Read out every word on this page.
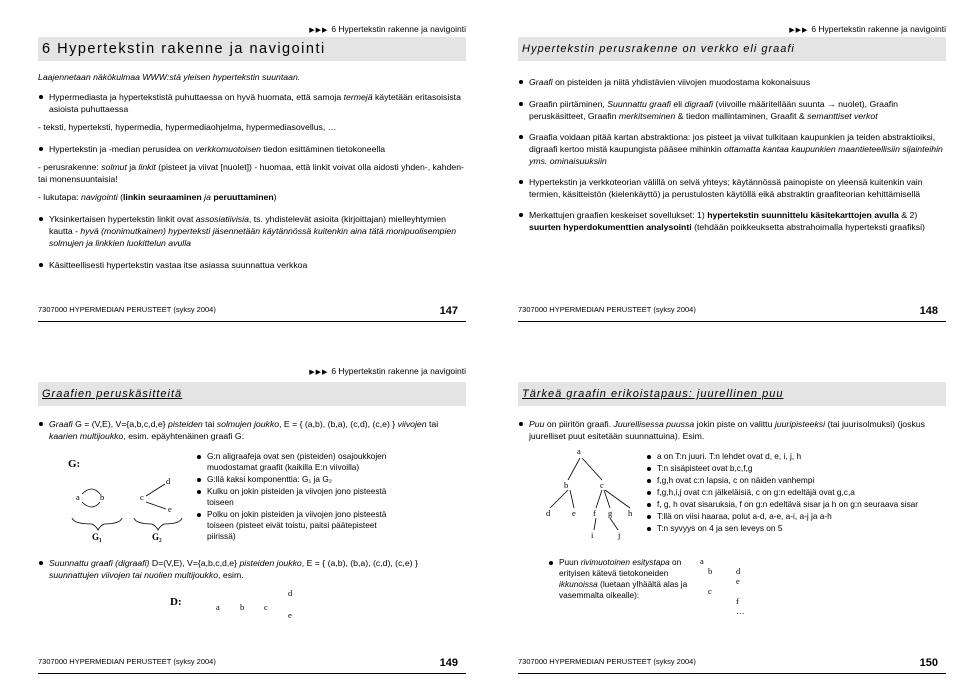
▶▶▶ 6 Hypertekstin rakenne ja navigointi
6 Hypertekstin rakenne ja navigointi
Laajennetaan näkökulmaa WWW:stä yleisen hypertekstin suuntaan.
Hypermediasta ja hypertekstistä puhuttaessa on hyvä huomata, että samoja termejä käytetään eritasoisista asioista puhuttaessa
- teksti, hyperteksti, hypermedia, hypermediaohjelma, hypermediasovellus, …
Hypertekstin ja -median perusidea on verkkomuotoisen tiedon esittäminen tietokoneella
- perusrakenne: solmut ja linkit (pisteet ja viivat [nuolet]) - huomaa, että linkit voivat olla aidosti yhden-, kahden- tai monensuuntaisia!
- lukutapa: navigointi (linkin seuraaminen ja peruuttaminen)
Yksinkertaisen hypertekstin linkit ovat assosiatiivisia, ts. yhdistelevät asioita (kirjoittajan) mielleyhtymien kautta - hyvä (monimutkainen) hyperteksti jäsennetään käytännössä kuitenkin aina tätä monipuolisempien solmujen ja linkkien luokittelun avulla
Käsitteellisesti hypertekstin vastaa itse asiassa suunnattua verkkoa
7307000 HYPERMEDIAN PERUSTEET (syksy 2004)	147
▶▶▶ 6 Hypertekstin rakenne ja navigointi
Hypertekstin perusrakenne on verkko eli graafi
Graafi on pisteiden ja niitä yhdistävien viivojen muodostama kokonaisuus
Graafin piirtäminen, Suunnattu graafi eli digraafi (viivoille määritellään suunta → nuolet), Graafin peruskäsitteet, Graafin merkitseminen & tiedon mallintaminen, Graafit & semanttiset verkot
Graafia voidaan pitää kartan abstraktiona: jos pisteet ja viivat tulkitaan kaupunkien ja teiden abstraktioiksi, digraafi kertoo mistä kaupungista pääsee mihinkin ottamatta kantaa kaupunkien maantieteellisiin sijainteihin yms. ominaisuuksiin
Hypertekstin ja verkkoteorian välillä on selvä yhteys; käytännössä painopiste on yleensä kuitenkin vain termien, käsitteistön (kielenkäyttö) ja perustulosten käytöllä eikä abstraktin graafiteorian kehittämisellä
Merkattujen graafien keskeiset sovellukset: 1) hypertekstin suunnittelu käsitekarttojen avulla & 2) suurten hyperdokumenttien analysointi (tehdään poikkeuksetta abstrahoimalla hyperteksti graafiksi)
7307000 HYPERMEDIAN PERUSTEET (syksy 2004)	148
▶▶▶ 6 Hypertekstin rakenne ja navigointi
Graafien peruskäsitteitä
Graafi G = (V,E), V={a,b,c,d,e} pisteiden tai solmujen joukko, E = { (a,b), (b,a), (c,d), (c,e) } viivojen tai kaarien multijoukko, esim. epäyhtenäinen graafi G:
G:
a b	c
d
e
G₁	G₂
G:n aligraafeja ovat sen (pisteiden) osajoukkojen muodostamat graafit (kaikilla E:n viivoilla)
G:llä kaksi komponenttia: G₁ ja G₂
Kulku on jokin pisteiden ja viivojen jono pisteestä toiseen
Polku on jokin pisteiden ja viivojen jono pisteestä toiseen (pisteet eivät toistu, paitsi päätepisteet piirissä)
Suunnattu graafi (digraafi) D=(V,E), V={a,b,c,d,e} pisteiden joukko, E = { (a,b), (b,a), (c,d), (c,e) } suunnattujen viivojen tai nuolien multijoukko, esim.
D:	a b c
d
e
7307000 HYPERMEDIAN PERUSTEET (syksy 2004)	149
Tärkeä graafin erikoistapaus: juurellinen puu
Puu on piiritön graafi. Juurellisessa puussa jokin piste on valittu juuripisteeksi (tai juurisolmuksi) (joskus juurelliset puut esitetään suunnattuina). Esim.
a
b	c
d	e f g h
i	j
a on T:n juuri. T:n lehdet ovat d, e, i, j, h
T:n sisäpisteet ovat b,c,f,g
f,g,h ovat c:n lapsia, c on näiden vanhempi
f,g,h,i,j ovat c:n jälkeläisiä, c on g:n edeltäjä ovat g,c,a
f, g, h ovat sisaruksia, f on g:n edeltävä sisar ja h on g:n seuraava sisar
T:llä on viisi haaraa, polut a-d, a-e, a-i, a-j ja a-h
T:n syvyys on 4 ja sen leveys on 5
Puun rivimuotoinen esitystapa on erityisen kätevä tietokoneiden ikkunoissa (luetaan ylhäältä alas ja vasemmalta oikealle):
a
b	d
e
c
f
…
7307000 HYPERMEDIAN PERUSTEET (syksy 2004)	150
